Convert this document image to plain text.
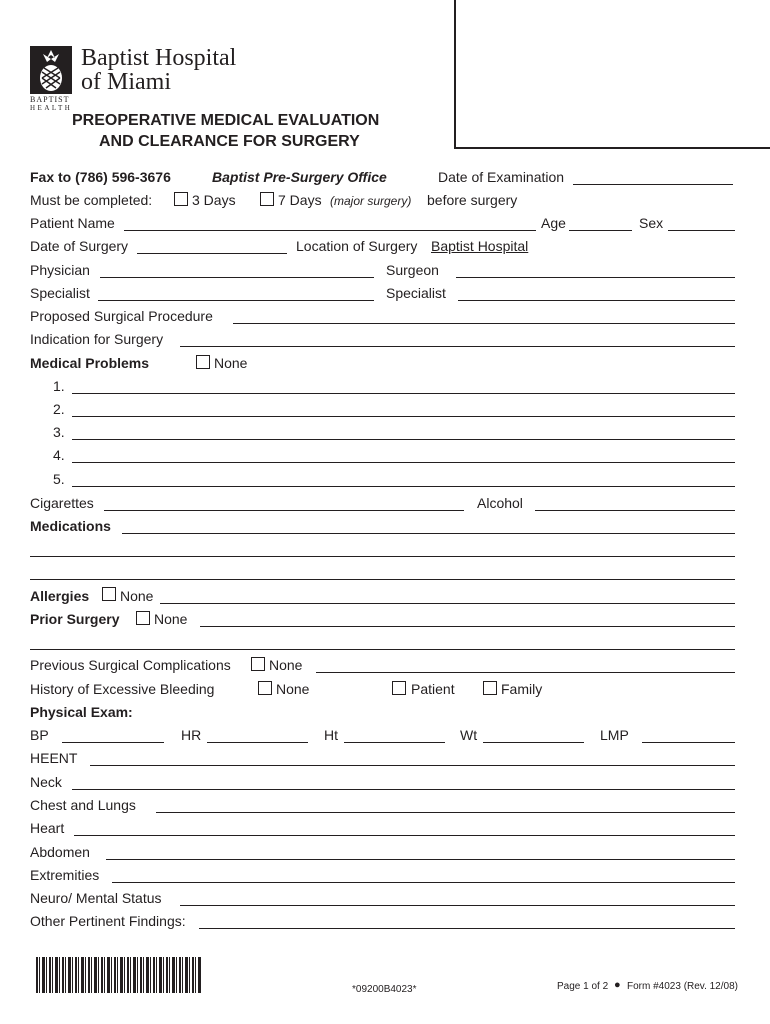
Baptist Hospital
of Miami
BAPTIST
HEALTH
PREOPERATIVE MEDICAL EVALUATION
AND CLEARANCE FOR SURGERY
Fax to (786) 596-3676	Baptist Pre-Surgery Office	Date of Examination
Must be completed:	3 Days	7 Days (major surgery) before surgery
Patient Name	Age	Sex
Date of Surgery	Location of Surgery Baptist Hospital
Physician	Surgeon
Specialist	Specialist
Proposed Surgical Procedure
Indication for Surgery
Medical Problems	None
1.
2.
3.
4.
5.
Cigarettes	Alcohol
Medications
Allergies None
Prior Surgery None
Previous Surgical Complications	None
History of Excessive Bleeding	None	Patient	Family
Physical Exam:
BP	HR	Ht	Wt	LMP
HEENT
Neck
Chest and Lungs
Heart
Abdomen
Extremities
Neuro/ Mental Status
Other Pertinent Findings:
*09200B4023*	Page 1 of 2 ● Form #4023 (Rev. 12/08)
